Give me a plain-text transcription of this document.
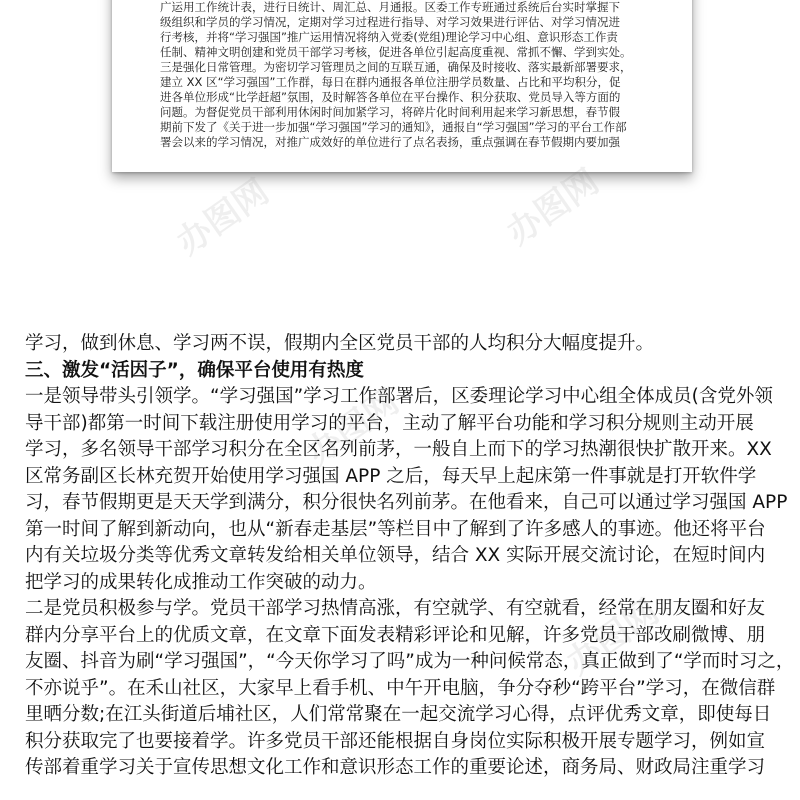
广运用工作统计表，进行日统计、周汇总、月通报。区委工作专班通过系统后台实时掌握下

级组织和学员的学习情况，定期对学习过程进行指导、对学习效果进行评估、对学习情况进

行考核，并将“学习强国”推广运用情况将纳入党委(党组)理论学习中心组、意识形态工作责

任制、精神文明创建和党员干部学习考核，促进各单位引起高度重视、常抓不懈、学到实处。

三是强化日常管理。为密切学习管理员之间的互联互通，确保及时接收、落实最新部署要求，

建立 XX 区“学习强国”工作群，每日在群内通报各单位注册学员数量、占比和平均积分，促

进各单位形成“比学赶超”氛围，及时解答各单位在平台操作、积分获取、党员导入等方面的

问题。为督促党员干部利用休闲时间加紧学习，将碎片化时间利用起来学习新思想，春节假

期前下发了《关于进一步加强“学习强国”学习的通知》，通报自“学习强国”学习的平台工作部

署会以来的学习情况，对推广成效好的单位进行了点名表扬，重点强调在春节假期内要加强

办图网	办图网
办图网
办图网

学习，做到休息、学习两不误，假期内全区党员干部的人均积分大幅度提升。

三、激发“活因子”，确保平台使用有热度

一是领导带头引领学。“学习强国”学习工作部署后，区委理论学习中心组全体成员(含党外领

导干部)都第一时间下载注册使用学习的平台，主动了解平台功能和学习积分规则主动开展

学习，多名领导干部学习积分在全区名列前茅，一般自上而下的学习热潮很快扩散开来。XX

区常务副区长林充贺开始使用学习强国 APP 之后，每天早上起床第一件事就是打开软件学

习，春节假期更是天天学到满分，积分很快名列前茅。在他看来，自己可以通过学习强国 APP

第一时间了解到新动向，也从“新春走基层”等栏目中了解到了许多感人的事迹。他还将平台

内有关垃圾分类等优秀文章转发给相关单位领导，结合 XX 实际开展交流讨论，在短时间内

把学习的成果转化成推动工作突破的动力。

二是党员积极参与学。党员干部学习热情高涨，有空就学、有空就看，经常在朋友圈和好友

群内分享平台上的优质文章，在文章下面发表精彩评论和见解，许多党员干部改刷微博、朋

友圈、抖音为刷“学习强国”，“今天你学习了吗”成为一种问候常态，真正做到了“学而时习之，

不亦说乎”。在禾山社区，大家早上看手机、中午开电脑，争分夺秒“跨平台”学习，在微信群

里晒分数;在江头街道后埔社区，人们常常聚在一起交流学习心得，点评优秀文章，即使每日

积分获取完了也要接着学。许多党员干部还能根据自身岗位实际积极开展专题学习，例如宣

传部着重学习关于宣传思想文化工作和意识形态工作的重要论述，商务局、财政局注重学习
